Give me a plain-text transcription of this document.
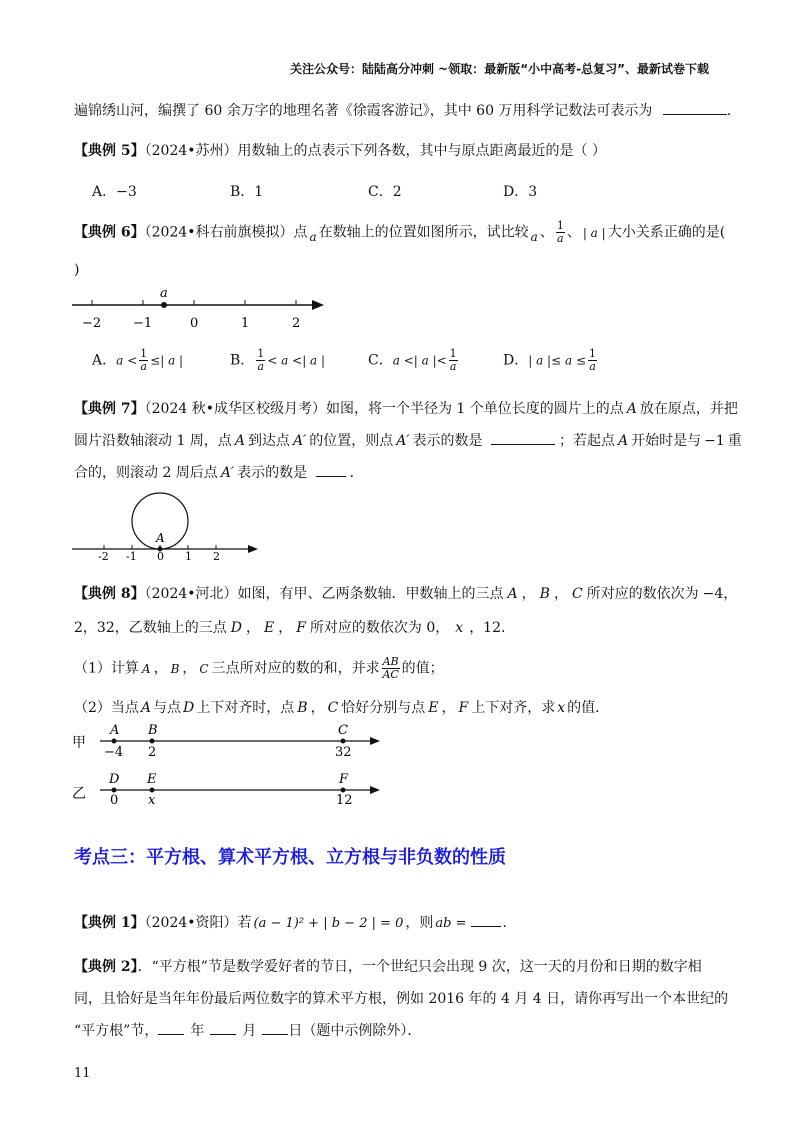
关注公众号：陆陆高分冲刺 ~领取：最新版“小中高考-总复习”、最新试卷下载
遍锦绣山河，编撰了 60 余万字的地理名著《徐霞客游记》，其中 60 万用科学记数法可表示为	．
【典例 5】（2024•苏州）用数轴上的点表示下列各数，其中与原点距离最近的是（ ）
A．−3	B．1	C．2	D．3
【典例 6】（2024•科右前旗模拟）点 a 在数轴上的位置如图所示，试比较 a 、 $\frac{1}{a}$ 、 | a | 大小关系正确的是(
)
a
−2 −1	0	1	2
A．$a < \frac{1}{a}$ ≤| a |	B． $\frac{1}{a} < a$ <| a |	C．a <| a |< $\frac{1}{a}$	D．| a |≤ $a \le \frac{1}{a}$
【典例 7】（2024 秋•成华区校级月考）如图，将一个半径为 1 个单位长度的圆片上的点 A 放在原点，并把
圆片沿数轴滚动 1 周，点 A 到达点 A′ 的位置，则点 A′ 表示的数是	；若起点 A 开始时是与 −1 重
合的，则滚动 2 周后点 A′ 表示的数是	．
A
-2 -1 0 1 2
【典例 8】（2024•河北）如图，有甲、乙两条数轴．甲数轴上的三点 A ， B ， C 所对应的数依次为 −4，
2，32，乙数轴上的三点 D ， E ， F 所对应的数依次为 0， x ，12．
（1）计算 A ， B ， C 三点所对应的数的和，并求 $\frac{AB}{AC}$ 的值；
（2）当点 A 与点 D 上下对齐时，点 B ， C 恰好分别与点 E ， F 上下对齐，求 x 的值．
甲
A B	C
−4 2	32
乙
D E	F
0 x	12
考点三：平方根、算术平方根、立方根与非负数的性质
【典例 1】（2024•资阳）若 (a − 1)² + | b − 2 | = 0 ，则 ab =	．
【典例 2】．“平方根”节是数学爱好者的节日，一个世纪只会出现 9 次，这一天的月份和日期的数字相
同，且恰好是当年年份最后两位数字的算术平方根，例如 2016 年的 4 月 4 日，请你再写出一个本世纪的
“平方根”节， 年	月 日（题中示例除外）．
11
